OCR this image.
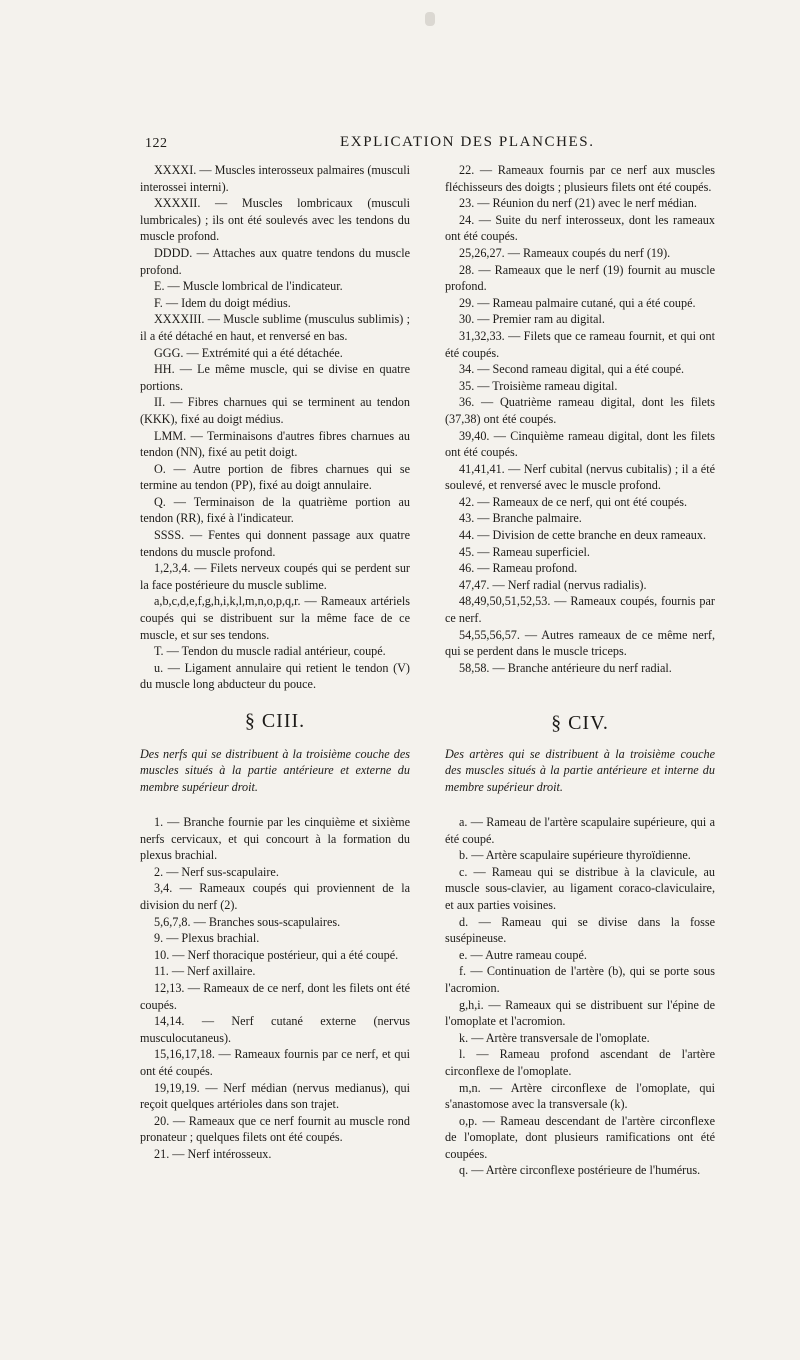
122	EXPLICATION DES PLANCHES.

XXXXI. — Muscles interosseux palmaires (musculi interossei interni).

XXXXII. — Muscles lombricaux (musculi lumbricales) ; ils ont été soulevés avec les tendons du muscle profond.

DDDD. — Attaches aux quatre tendons du muscle profond.

E. — Muscle lombrical de l'indicateur.

F. — Idem du doigt médius.

XXXXIII. — Muscle sublime (musculus sublimis) ; il a été détaché en haut, et renversé en bas.

GGG. — Extrémité qui a été détachée.

HH. — Le même muscle, qui se divise en quatre portions.

II. — Fibres charnues qui se terminent au tendon (KKK), fixé au doigt médius.

LMM. — Terminaisons d'autres fibres charnues au tendon (NN), fixé au petit doigt.

O. — Autre portion de fibres charnues qui se termine au tendon (PP), fixé au doigt annulaire.

Q. — Terminaison de la quatrième portion au tendon (RR), fixé à l'indicateur.

SSSS. — Fentes qui donnent passage aux quatre tendons du muscle profond.

1,2,3,4. — Filets nerveux coupés qui se perdent sur la face postérieure du muscle sublime.

a,b,c,d,e,f,g,h,i,k,l,m,n,o,p,q,r. — Rameaux artériels coupés qui se distribuent sur la même face de ce muscle, et sur ses tendons.

T. — Tendon du muscle radial antérieur, coupé.

u. — Ligament annulaire qui retient le tendon (V) du muscle long abducteur du pouce.

22. — Rameaux fournis par ce nerf aux muscles fléchisseurs des doigts ; plusieurs filets ont été coupés.

23. — Réunion du nerf (21) avec le nerf médian.

24. — Suite du nerf interosseux, dont les rameaux ont été coupés.

25,26,27. — Rameaux coupés du nerf (19).

28. — Rameaux que le nerf (19) fournit au muscle profond.

29. — Rameau palmaire cutané, qui a été coupé.

30. — Premier ram au digital.

31,32,33. — Filets que ce rameau fournit, et qui ont été coupés.

34. — Second rameau digital, qui a été coupé.

35. — Troisième rameau digital.

36. — Quatrième rameau digital, dont les filets (37,38) ont été coupés.

39,40. — Cinquième rameau digital, dont les filets ont été coupés.

41,41,41. — Nerf cubital (nervus cubitalis) ; il a été soulevé, et renversé avec le muscle profond.

42. — Rameaux de ce nerf, qui ont été coupés.

43. — Branche palmaire.

44. — Division de cette branche en deux rameaux.

45. — Rameau superficiel.

46. — Rameau profond.

47,47. — Nerf radial (nervus radialis).

48,49,50,51,52,53. — Rameaux coupés, fournis par ce nerf.

54,55,56,57. — Autres rameaux de ce même nerf, qui se perdent dans le muscle triceps.

58,58. — Branche antérieure du nerf radial.

§ CIII.	§ CIV.
Des nerfs qui se distribuent à la troisième couche des muscles situés à la partie antérieure et externe du membre supérieur droit.
Des artères qui se distribuent à la troisième couche des muscles situés à la partie antérieure et interne du membre supérieur droit.

1. — Branche fournie par les cinquième et sixième nerfs cervicaux, et qui concourt à la formation du plexus brachial.

2. — Nerf sus-scapulaire.

3,4. — Rameaux coupés qui proviennent de la division du nerf (2).

5,6,7,8. — Branches sous-scapulaires.

9. — Plexus brachial.

10. — Nerf thoracique postérieur, qui a été coupé.

11. — Nerf axillaire.

12,13. — Rameaux de ce nerf, dont les filets ont été coupés.

14,14. — Nerf cutané externe (nervus musculocutaneus).

15,16,17,18. — Rameaux fournis par ce nerf, et qui ont été coupés.

19,19,19. — Nerf médian (nervus medianus), qui reçoit quelques artérioles dans son trajet.

20. — Rameaux que ce nerf fournit au muscle rond pronateur ; quelques filets ont été coupés.

21. — Nerf intérosseux.

a. — Rameau de l'artère scapulaire supérieure, qui a été coupé.

b. — Artère scapulaire supérieure thyroïdienne.

c. — Rameau qui se distribue à la clavicule, au muscle sous-clavier, au ligament coraco-claviculaire, et aux parties voisines.

d. — Rameau qui se divise dans la fosse susépineuse.

e. — Autre rameau coupé.

f. — Continuation de l'artère (b), qui se porte sous l'acromion.

g,h,i. — Rameaux qui se distribuent sur l'épine de l'omoplate et l'acromion.

k. — Artère transversale de l'omoplate.

l. — Rameau profond ascendant de l'artère circonflexe de l'omoplate.

m,n. — Artère circonflexe de l'omoplate, qui s'anastomose avec la transversale (k).

o,p. — Rameau descendant de l'artère circonflexe de l'omoplate, dont plusieurs ramifications ont été coupées.

q. — Artère circonflexe postérieure de l'humérus.
